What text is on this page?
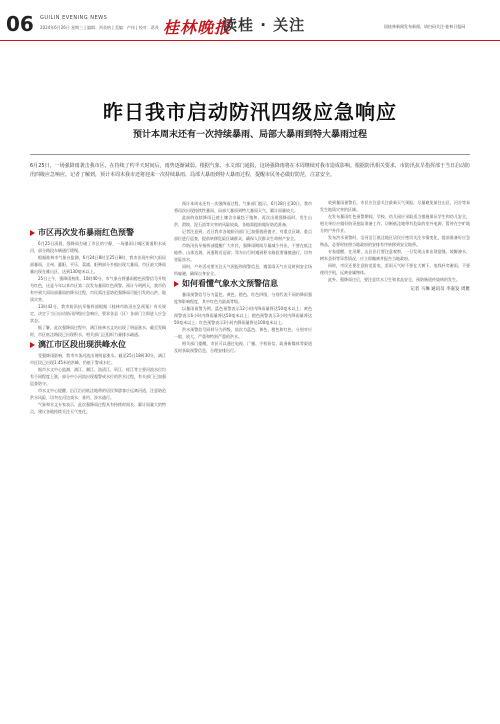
06 GUILIN EVENING NEWS
2024年6月26日 星期三 | 编辑：尚英格 | 美编：卢伟 | 校对：葛茂 桂林晚报
读桂 · 关注	国桂林新闻发布新闻，请扫码关注·桂林日报网
昨日我市启动防汛四级应急响应
预计本周末还有一次持续暴雨、局部大暴雨到特大暴雨过程
6月25日，一场强降雨袭击我市区，在持续了约半天时间后，雨势逐渐减弱。根据气象、水文部门通报，这场强降雨将在本周继续对我市造成影响。根据防汛相关要求，市防汛抗旱指挥部于当日启动防汛四级应急响应。记者了解到，预计本周末我市还将迎来一次持续暴雨、局部大暴雨到特大暴雨过程，提醒市民务必做好防范，注意安全。
市区再次发布暴雨红色预警

6月25日清晨，强降雨打破了市区的宁静，一场暴雨让城区街道积水成河，部分路段车辆通行缓慢。

根据桂林市气象台监测，6月24日8时至25日8时，我市出现中到大雨局部暴雨，全州、灌阳、平乐、荔浦、阳朔部分乡镇出现大暴雨，市区最大降雨量出现在雁山区，达到130毫米以上。

25日上午，强降雨持续，10时40分，市气象台将暴雨橙色预警信号升级为红色，这是今年以来市区第二次发布暴雨红色预警。预计今明两天，我市仍有中到大雨局部暴雨的降水过程，市民需注意防范强降雨可能引发的山洪、地质灾害。

13时42分，我市防汛抗旱指挥部根据《桂林市防汛应急预案》有关规定，决定于当日启动防汛四级应急响应，要求各县（区）各部门立即进入应急状态。

据了解，此次强降雨过程中，漓江桂林水文站出现了明显涨水，截至发稿时，市区低洼路段已出现积水，相关部门正组织力量排水疏通。

漓江市区段出现洪峰水位

受强降雨影响，我市多条河流出现明显涨水。截至25日18时30分，漓江市区段已出现1.45米的洪峰，仍低于警戒水位。

据市水文中心监测，漓江、湘江、洛清江、资江、桂江等主要河流水位均有不同程度上涨，部分中小河流出现超警戒水位的洪水过程，有关部门已加强巡查防守。

市水文中心提醒，沿江沿河低洼地带的居民和游客应远离河道，注意防范洪水风险，切勿在河边戏水、垂钓、涉水通行。

气象和水文专家表示，此次强降雨过程具有持续时间长、累计雨量大的特点，建议各地持续关注天气变化。

预计本周末还有一次强降雨过程，气象部门提示，6月28日至30日，我市将再次出现持续性暴雨、局部大暴雨到特大暴雨天气，累计雨量较大。

此前的连续降雨已使土壤含水量趋于饱和，再次出现强降雨时，发生山洪、滑坡、泥石流等灾害的风险较高，各地需提前做好防范准备。

记者注意到，近日我市各地防汛部门已加强值班值守，对重点区域、重点部位进行巡查，提前转移危险区域群众，确保人民群众生命财产安全。

市防汛抗旱指挥部提醒广大市民，强降雨期间尽量减少外出，不要在低洼地带、山体边坡、河道附近逗留；驾车出行时遇到积水路段要谨慎通行，切勿冒险涉水。

同时，户外活动要关注天气预报和预警信息，遇雷雨天气应及时到安全场所躲避，确保自身安全。

如何看懂气象水文预警信息

暴雨预警信号分为蓝色、黄色、橙色、红色四级，分别代表不同的降雨强度和影响程度，其中红色为最高等级。

以暴雨预警为例，蓝色预警表示12小时内降雨量将达50毫米以上；黄色预警表示6小时内降雨量将达50毫米以上；橙色预警表示3小时内降雨量将达50毫米以上；红色预警表示3小时内降雨量将达100毫米以上。

洪水预警信号同样分为四级，依次为蓝色、黄色、橙色和红色，分别对应一般、较大、严重和特别严重的洪水。

相关部门提醒，市民可以通过电视、广播、手机短信、政务新媒体等渠道及时获取预警信息，合理安排出行。

收到暴雨预警后，市民应注意关注最新天气预报，尽量避免前往山区、河谷等易发生地质灾害的区域。

在发布暴雨红色预警期间，学校、幼儿园应采取适当措施保证学生和幼儿安全，相关单位应做好防汛抢险准备工作，切断低洼地带有危险的室外电源，暂停在空旷地方的户外作业。

发布洪水预警时，沿河沿江低洼地区居民应密切关注水情变化，提前准备好应急物品，必要时按照当地政府的安排有序转移到安全地带。

专家提醒，在汛期，山区出行要注意观察，一旦发现山体出现裂缝、坡脚渗水、树木歪斜等异常情况，应立即撤离并报告当地政府。

同时，市民还要注意防范雷电，雷雨天气时不要在大树下、电线杆旁避雨，不要使用手机，远离金属物体。

此外，强降雨过后，要注意饮水卫生和食品安全，预防肠道传染病的发生。

记者 马琳 通讯员 李嘉发 周雅
